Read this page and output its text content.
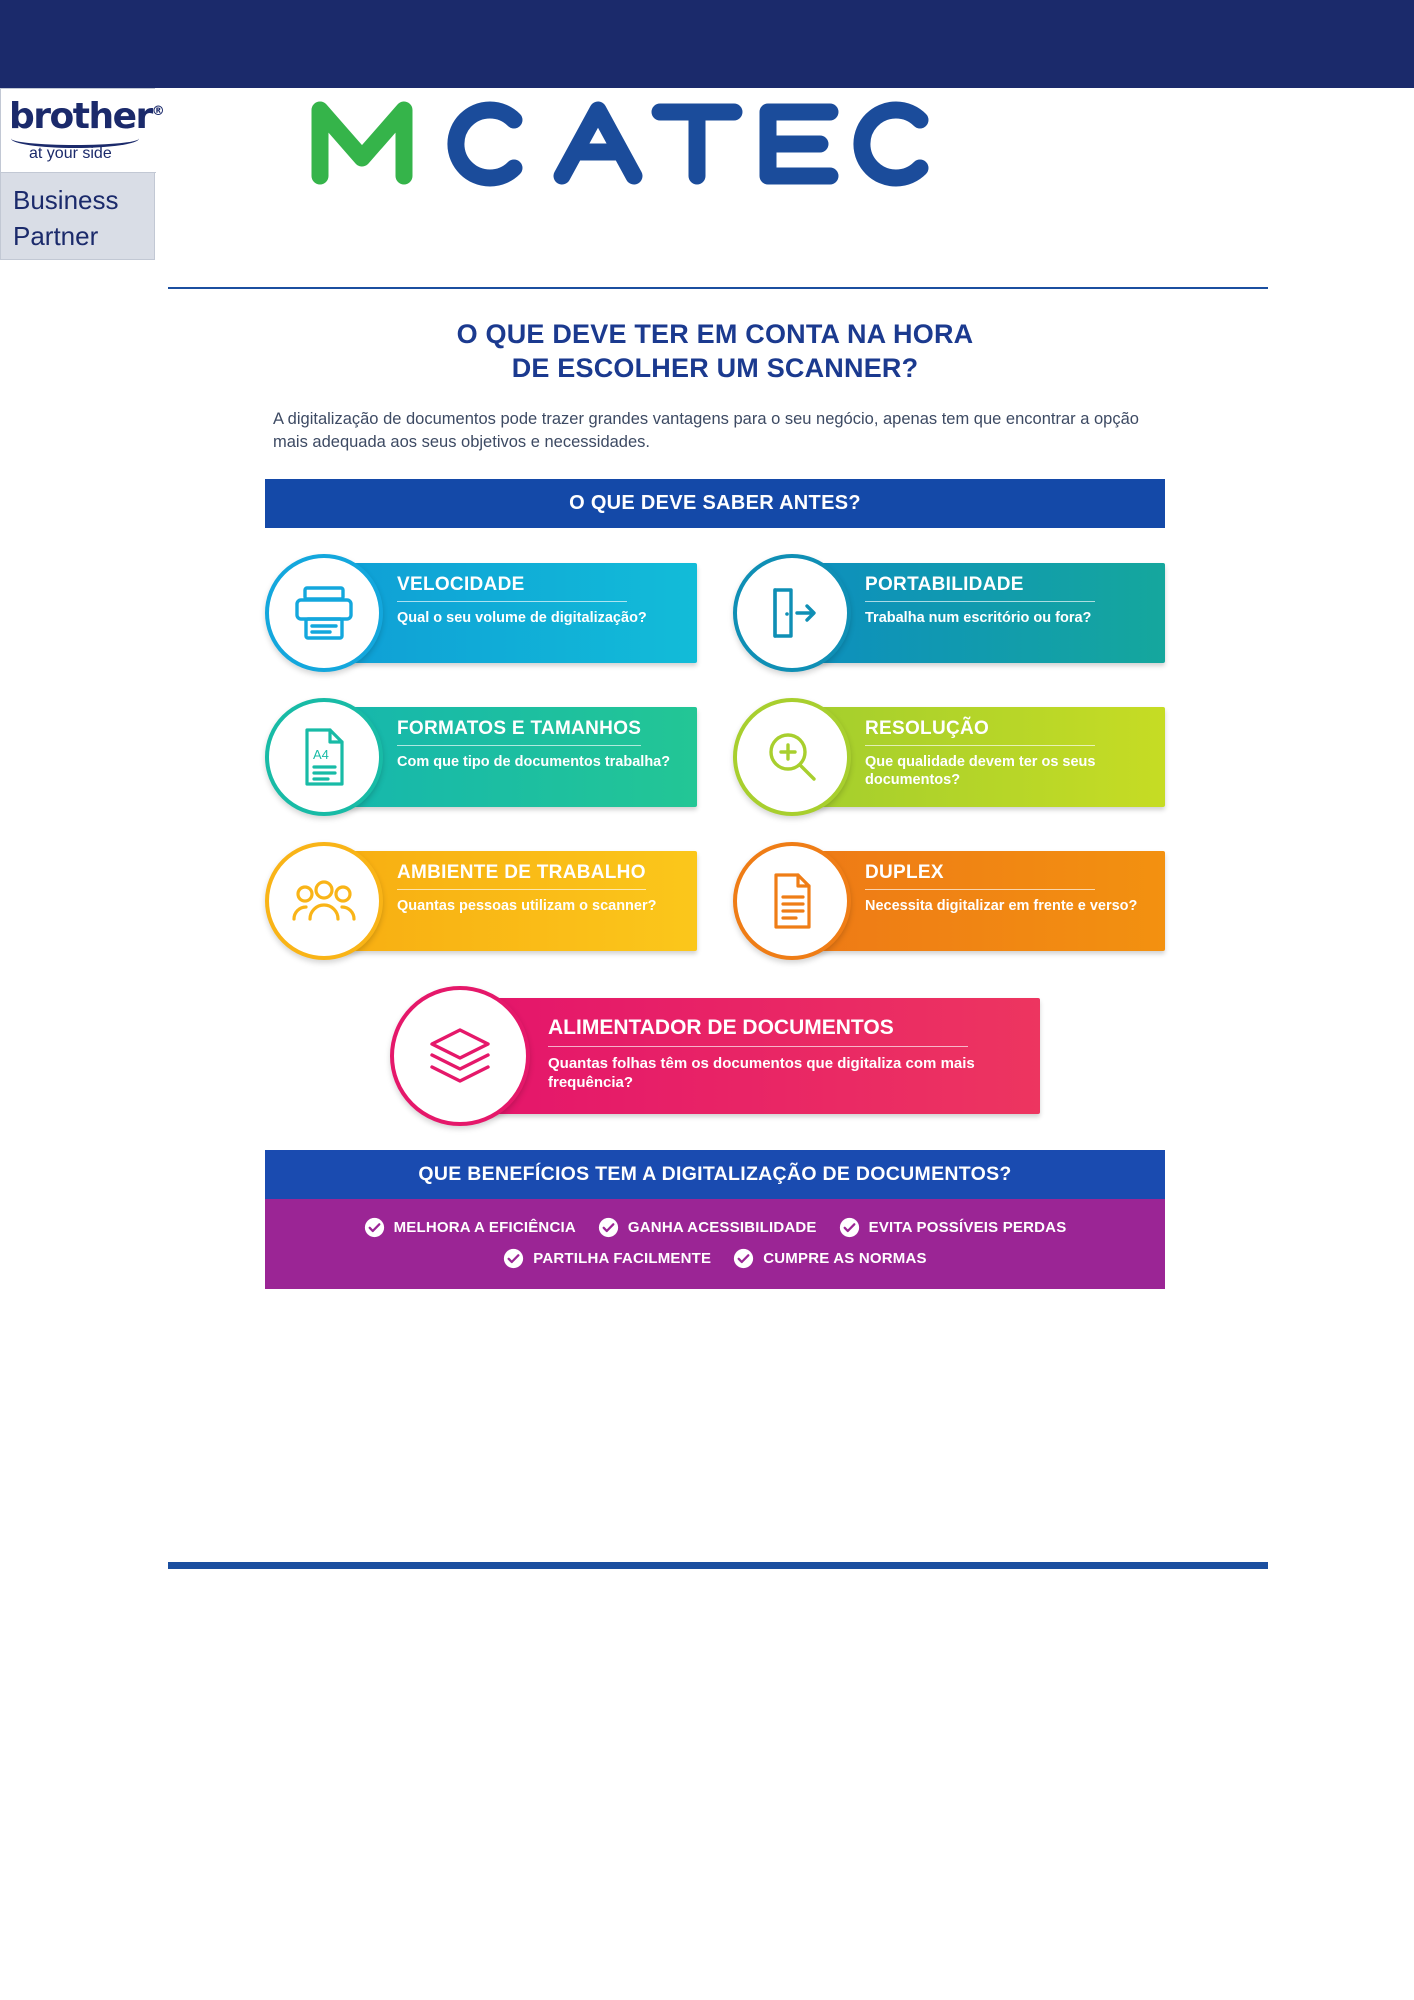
brother®
at your side
Business
Partner
O QUE DEVE TER EM CONTA NA HORA
DE ESCOLHER UM SCANNER?
A digitalização de documentos pode trazer grandes vantagens para o seu negócio, apenas tem que encontrar a opção mais adequada aos seus objetivos e necessidades.
O QUE DEVE SABER ANTES?
VELOCIDADE
Qual o seu volume de digitalização?
PORTABILIDADE
Trabalha num escritório ou fora?
A4
FORMATOS E TAMANHOS
Com que tipo de documentos trabalha?
RESOLUÇÃO
Que qualidade devem ter os seus documentos?
AMBIENTE DE TRABALHO
Quantas pessoas utilizam o scanner?
DUPLEX
Necessita digitalizar em frente e verso?
ALIMENTADOR DE DOCUMENTOS
Quantas folhas têm os documentos que digitaliza com mais frequência?
QUE BENEFÍCIOS TEM A DIGITALIZAÇÃO DE DOCUMENTOS?
MELHORA A EFICIÊNCIA	GANHA ACESSIBILIDADE	EVITA POSSÍVEIS PERDAS
PARTILHA FACILMENTE	CUMPRE AS NORMAS
